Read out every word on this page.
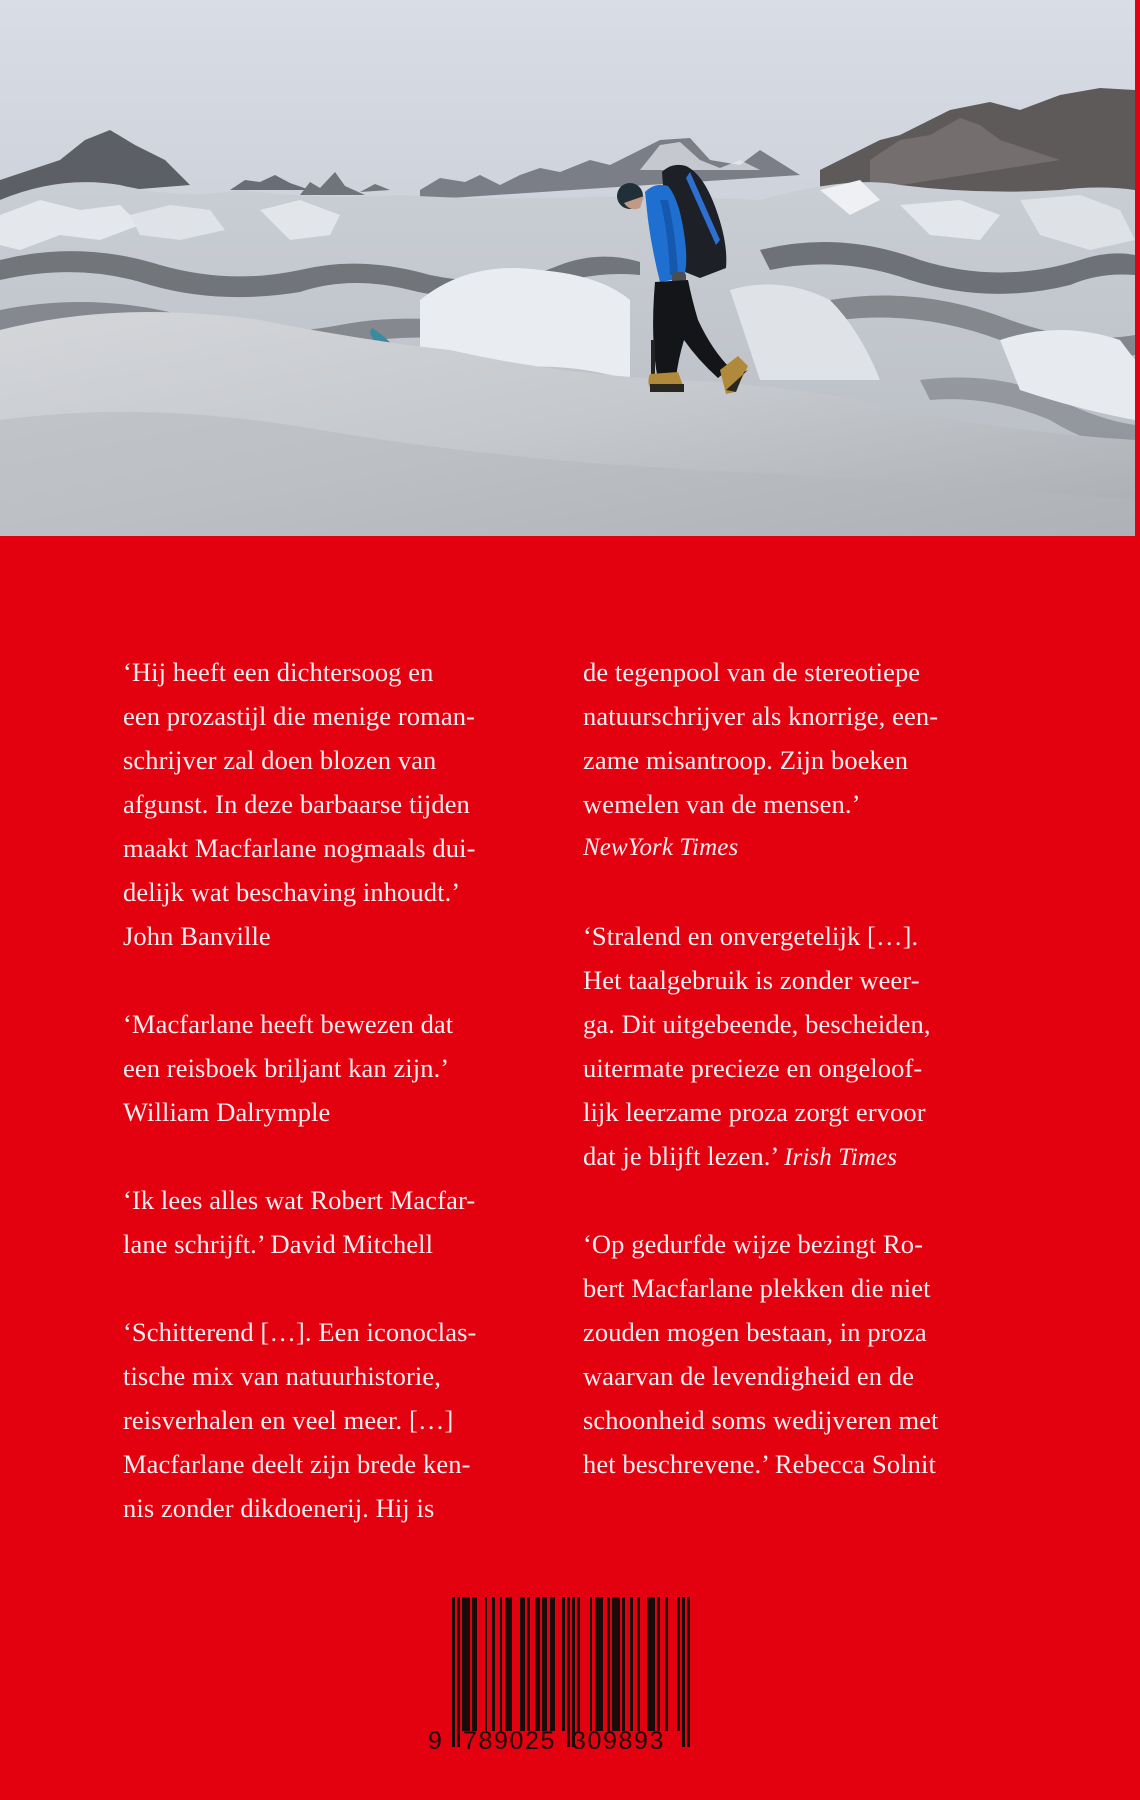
‘Hij heeft een dichtersoog en
een prozastijl die menige roman-
schrijver zal doen blozen van
afgunst. In deze barbaarse tijden
maakt Macfarlane nogmaals dui-
delijk wat beschaving inhoudt.’
John Banville
‘Macfarlane heeft bewezen dat
een reisboek briljant kan zijn.’
William Dalrymple
‘Ik lees alles wat Robert Macfar-
lane schrijft.’ David Mitchell
‘Schitterend […]. Een iconoclas-
tische mix van natuurhistorie,
reisverhalen en veel meer. […]
Macfarlane deelt zijn brede ken-
nis zonder dikdoenerij. Hij is
de tegenpool van de stereotiepe
natuurschrijver als knorrige, een-
zame misantroop. Zijn boeken
wemelen van de mensen.’
NewYork Times
‘Stralend en onvergetelijk […].
Het taalgebruik is zonder weer-
ga. Dit uitgebeende, bescheiden,
uitermate precieze en ongeloof-
lijk leerzame proza zorgt ervoor
dat je blijft lezen.’ Irish Times
‘Op gedurfde wijze bezingt Ro-
bert Macfarlane plekken die niet
zouden mogen bestaan, in proza
waarvan de levendigheid en de
schoonheid soms wedijveren met
het beschrevene.’ Rebecca Solnit
9 789025 309893
